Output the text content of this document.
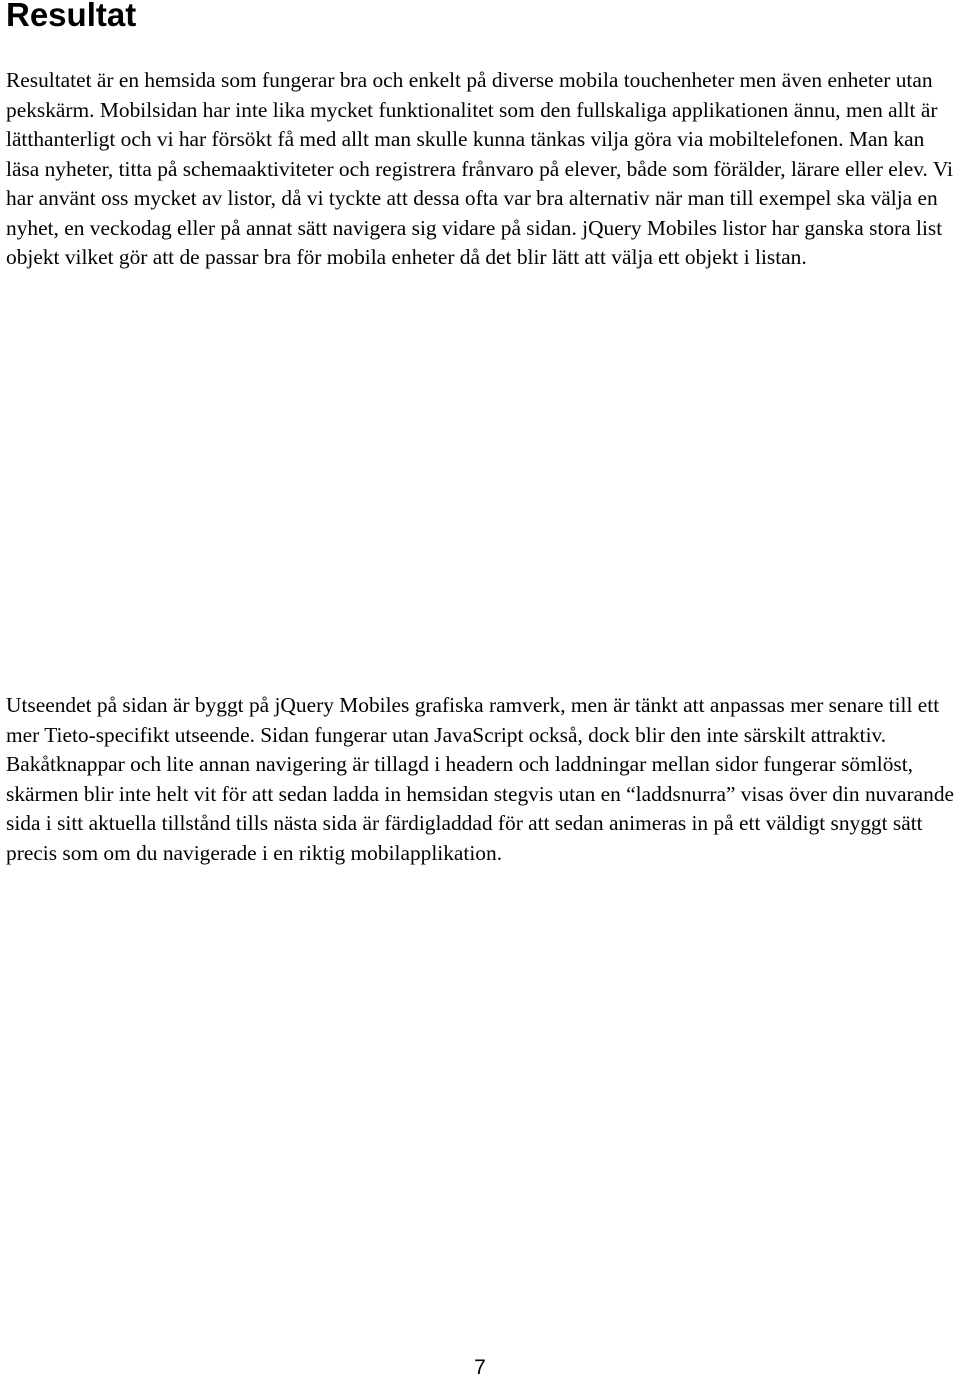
Resultat

Resultatet är en hemsida som fungerar bra och enkelt på diverse mobila touchenheter men även enheter utan pekskärm. Mobilsidan har inte lika mycket funktionalitet som den fullskaliga applikationen ännu, men allt är lätthanterligt och vi har försökt få med allt man skulle kunna tänkas vilja göra via mobiltelefonen. Man kan läsa nyheter, titta på schemaaktiviteter och registrera frånvaro på elever, både som förälder, lärare eller elev. Vi har använt oss mycket av listor, då vi tyckte att dessa ofta var bra alternativ när man till exempel ska välja en nyhet, en veckodag eller på annat sätt navigera sig vidare på sidan. jQuery Mobiles listor har ganska stora list objekt vilket gör att de passar bra för mobila enheter då det blir lätt att välja ett objekt i listan.

Utseendet på sidan är byggt på jQuery Mobiles grafiska ramverk, men är tänkt att anpassas mer senare till ett mer Tieto-specifikt utseende. Sidan fungerar utan JavaScript också, dock blir den inte särskilt attraktiv. Bakåtknappar och lite annan navigering är tillagd i headern och laddningar mellan sidor fungerar sömlöst, skärmen blir inte helt vit för att sedan ladda in hemsidan stegvis utan en “laddsnurra” visas över din nuvarande sida i sitt aktuella tillstånd tills nästa sida är färdigladdad för att sedan animeras in på ett väldigt snyggt sätt precis som om du navigerade i en riktig mobilapplikation.

7
